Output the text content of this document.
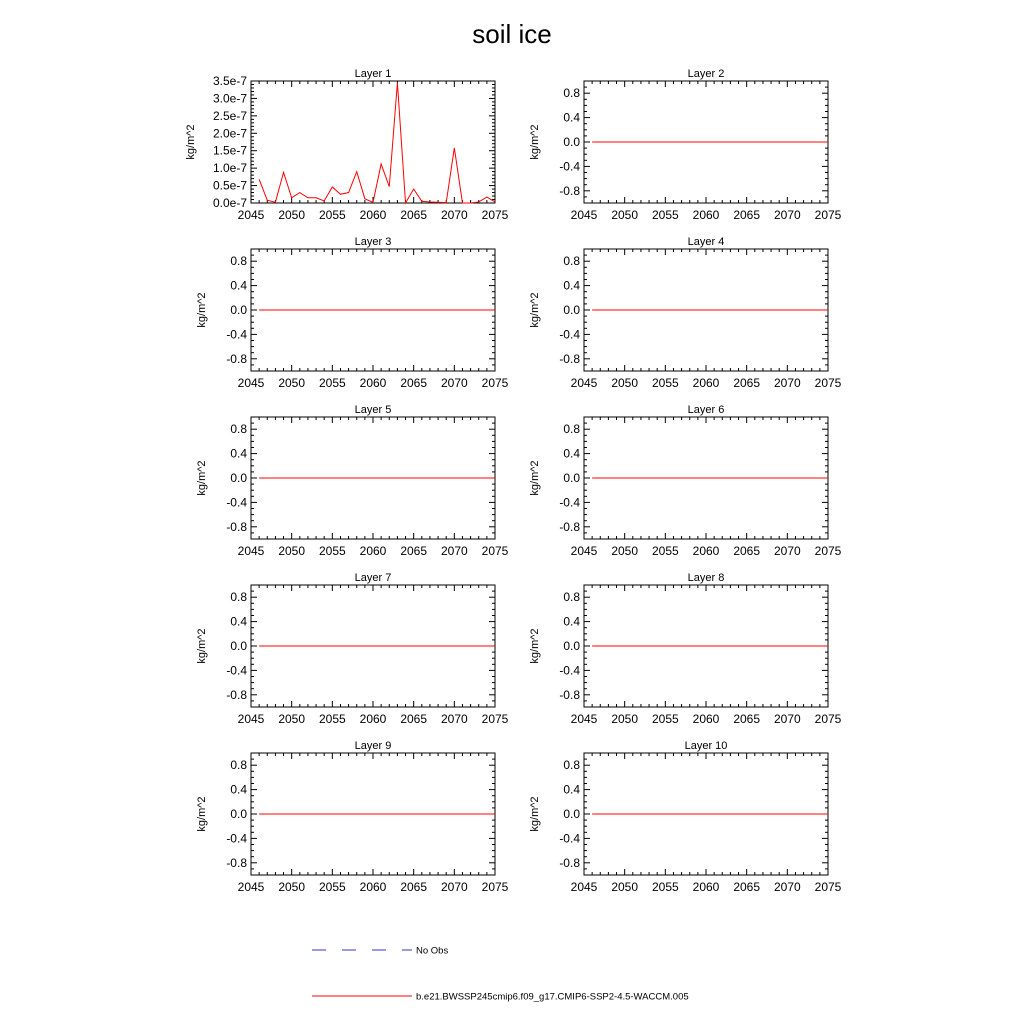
soil ice
Layer 1
2045 2050 2055 2060 2065 2070 2075
0.0e-7
0.5e-7
1.0e-7
1.5e-7
2.0e-7
2.5e-7
3.0e-7
3.5e-7
kg/m^2
Layer 2
2045 2050 2055 2060 2065 2070 2075
-0.8
-0.4
0.0
0.4
0.8
kg/m^2
Layer 3
2045 2050 2055 2060 2065 2070 2075
-0.8
-0.4
0.0
0.4
0.8
kg/m^2
Layer 4
2045 2050 2055 2060 2065 2070 2075
-0.8
-0.4
0.0
0.4
0.8
kg/m^2
Layer 5
2045 2050 2055 2060 2065 2070 2075
-0.8
-0.4
0.0
0.4
0.8
kg/m^2
Layer 6
2045 2050 2055 2060 2065 2070 2075
-0.8
-0.4
0.0
0.4
0.8
kg/m^2
Layer 7
2045 2050 2055 2060 2065 2070 2075
-0.8
-0.4
0.0
0.4
0.8
kg/m^2
Layer 8
2045 2050 2055 2060 2065 2070 2075
-0.8
-0.4
0.0
0.4
0.8
kg/m^2
Layer 9
2045 2050 2055 2060 2065 2070 2075
-0.8
-0.4
0.0
0.4
0.8
kg/m^2
Layer 10
2045 2050 2055 2060 2065 2070 2075
-0.8
-0.4
0.0
0.4
0.8
kg/m^2
No Obs
b.e21.BWSSP245cmip6.f09_g17.CMIP6-SSP2-4.5-WACCM.005
